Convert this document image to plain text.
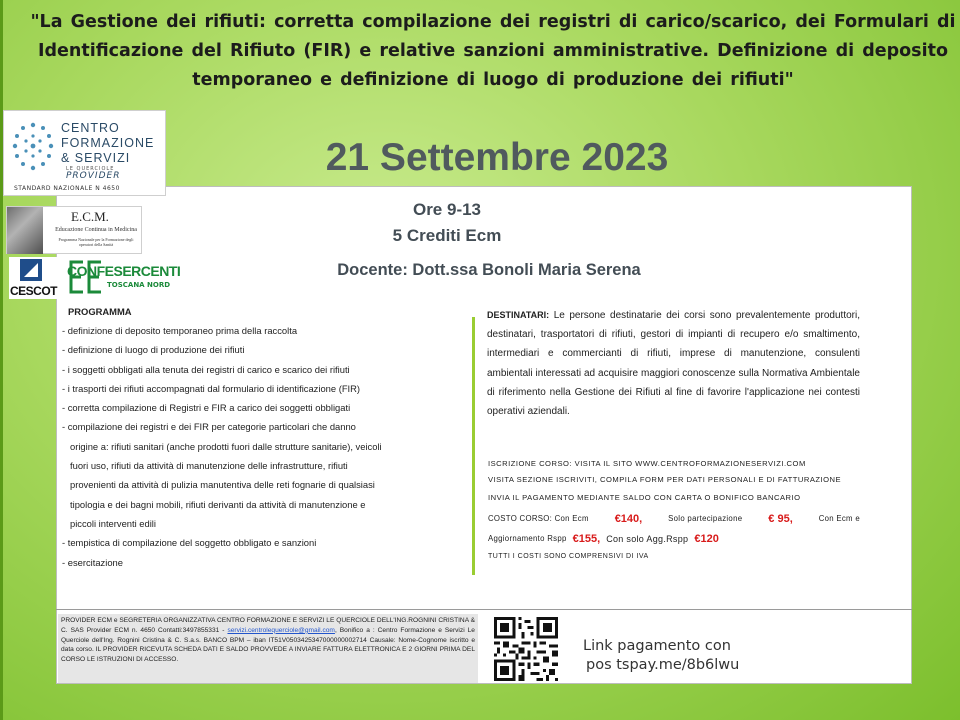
"La Gestione dei rifiuti: corretta compilazione dei registri di carico/scarico, dei Formulari di Identificazione del Rifiuto (FIR) e relative sanzioni amministrative. Definizione di deposito temporaneo e definizione di luogo di produzione dei rifiuti"
21 Settembre 2023
Ore 9-13
5 Crediti Ecm
Docente: Dott.ssa Bonoli Maria Serena
CENTRO
FORMAZIONE
& SERVIZI
LE QUERCIOLE
PROVIDER
STANDARD NAZIONALE N 4650
E.C.M.
Educazione Continua in Medicina
Programma Nazionale per la Formazione degli operatori della Sanità
CESCOT
CONFESERCENTI
TOSCANA NORD
PROGRAMMA
- definizione di deposito temporaneo prima della raccolta
- definizione di luogo di produzione dei rifiuti
- i soggetti obbligati alla tenuta dei registri di carico e scarico dei rifiuti
- i trasporti dei rifiuti accompagnati dal formulario di identificazione (FIR)
- corretta compilazione di Registri e FIR a carico dei soggetti obbligati
- compilazione dei registri e dei FIR per categorie particolari che danno
origine a: rifiuti sanitari (anche prodotti fuori dalle strutture sanitarie), veicoli
fuori uso, rifiuti da attività di manutenzione delle infrastrutture, rifiuti
provenienti da attività di pulizia manutentiva delle reti fognarie di qualsiasi
tipologia e dei bagni mobili, rifiuti derivanti da attività di manutenzione e
piccoli interventi edili
- tempistica di compilazione del soggetto obbligato e sanzioni
- esercitazione
DESTINATARI: Le persone destinatarie dei corsi sono prevalentemente produttori, destinatari, trasportatori di rifiuti, gestori di impianti di recupero e/o smaltimento, intermediari e commercianti di rifiuti, imprese di manutenzione, consulenti ambientali interessati ad acquisire maggiori conoscenze sulla Normativa Ambientale di riferimento nella Gestione dei Rifiuti al fine di favorire l'applicazione nei contesti operativi aziendali.
ISCRIZIONE CORSO: VISITA IL SITO WWW.CENTROFORMAZIONESERVIZI.COM
VISITA SEZIONE ISCRIVITI, COMPILA FORM PER DATI PERSONALI E DI FATTURAZIONE
INVIA IL PAGAMENTO MEDIANTE SALDO CON CARTA O BONIFICO BANCARIO
COSTO CORSO: Con Ecm €140,	Solo partecipazione € 95,	Con Ecm e
Aggiornamento Rspp €155, Con solo Agg.Rspp €120
TUTTI I COSTI SONO COMPRENSIVI DI IVA
PROVIDER ECM e SEGRETERIA ORGANIZZATIVA CENTRO FORMAZIONE E SERVIZI LE QUERCIOLE DELL'ING.ROGNINI CRISTINA & C. SAS Provider ECM n. 4650 Contatti:3497855331 - servizi.centrolequerciole@gmail.com, Bonifico a : Centro Formazione e Servizi Le Querciole dell'Ing. Rognini Cristina & C. S.a.s. BANCO BPM – iban IT51V0503425347000000002714 Causale: Nome-Cognome iscritto e data corso. IL PROVIDER RICEVUTA SCHEDA DATI E SALDO PROVVEDE A INVIARE FATTURA ELETTRONICA E 2 GIORNI PRIMA DEL CORSO LE ISTRUZIONI DI ACCESSO.
Link pagamento con
pos tspay.me/8b6lwu
